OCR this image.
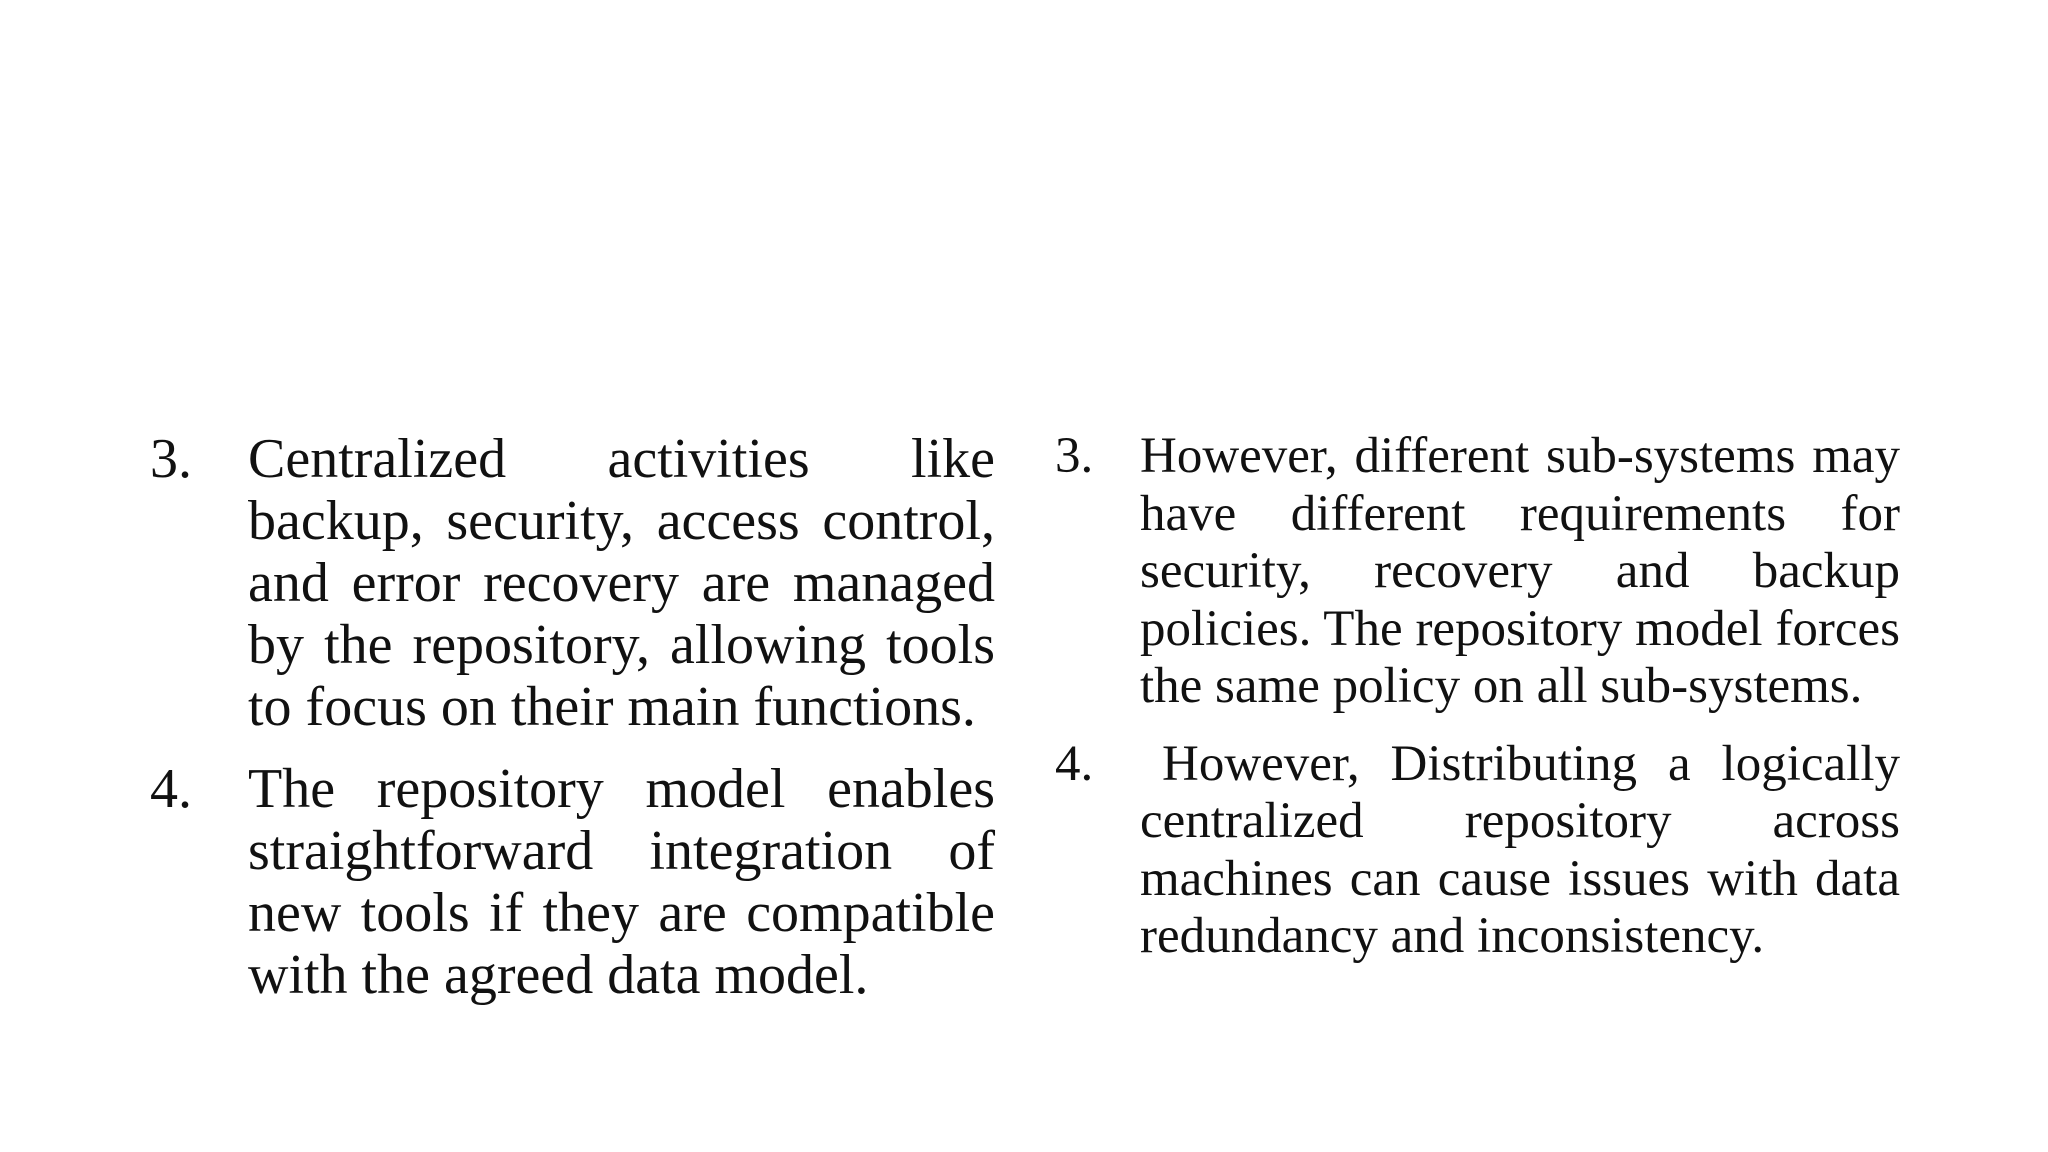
3.	Centralized activities like backup, security, access control, and error recovery are managed by the repository, allowing tools to focus on their main functions.
4.	The repository model enables straightforward integration of new tools if they are compatible with the agreed data model.
3. However, different sub-systems may have different requirements for security, recovery and backup policies. The repository model forces the same policy on all sub-systems.
4.	However, Distributing a logically centralized repository across machines can cause issues with data redundancy and inconsistency.
